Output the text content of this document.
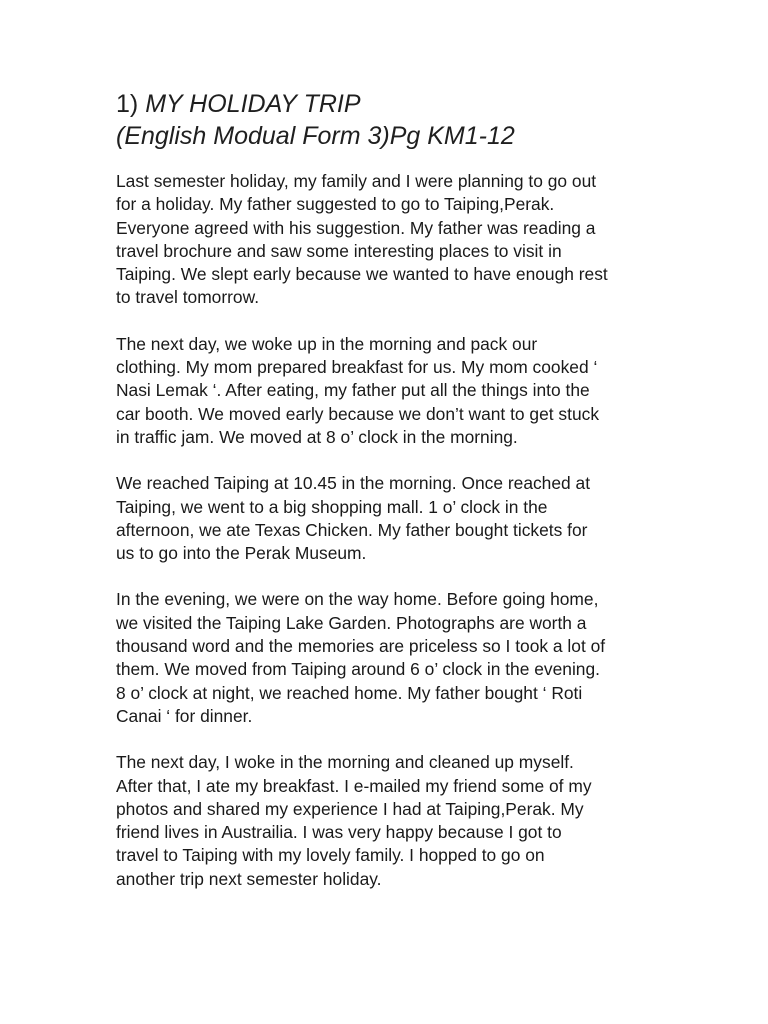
1) MY HOLIDAY TRIP
(English Modual Form 3)Pg KM1-12

Last semester holiday, my family and I were planning to go out
for a holiday. My father suggested to go to Taiping,Perak.
Everyone agreed with his suggestion. My father was reading a
travel brochure and saw some interesting places to visit in
Taiping. We slept early because we wanted to have enough rest
to travel tomorrow.

The next day, we woke up in the morning and pack our
clothing. My mom prepared breakfast for us. My mom cooked ‘
Nasi Lemak ‘. After eating, my father put all the things into the
car booth. We moved early because we don’t want to get stuck
in traffic jam. We moved at 8 o’ clock in the morning.

We reached Taiping at 10.45 in the morning. Once reached at
Taiping, we went to a big shopping mall. 1 o’ clock in the
afternoon, we ate Texas Chicken. My father bought tickets for
us to go into the Perak Museum.

In the evening, we were on the way home. Before going home,
we visited the Taiping Lake Garden. Photographs are worth a
thousand word and the memories are priceless so I took a lot of
them. We moved from Taiping around 6 o’ clock in the evening.
8 o’ clock at night, we reached home. My father bought ‘ Roti
Canai ‘ for dinner.

The next day, I woke in the morning and cleaned up myself.
After that, I ate my breakfast. I e-mailed my friend some of my
photos and shared my experience I had at Taiping,Perak. My
friend lives in Austrailia. I was very happy because I got to
travel to Taiping with my lovely family. I hopped to go on
another trip next semester holiday.
